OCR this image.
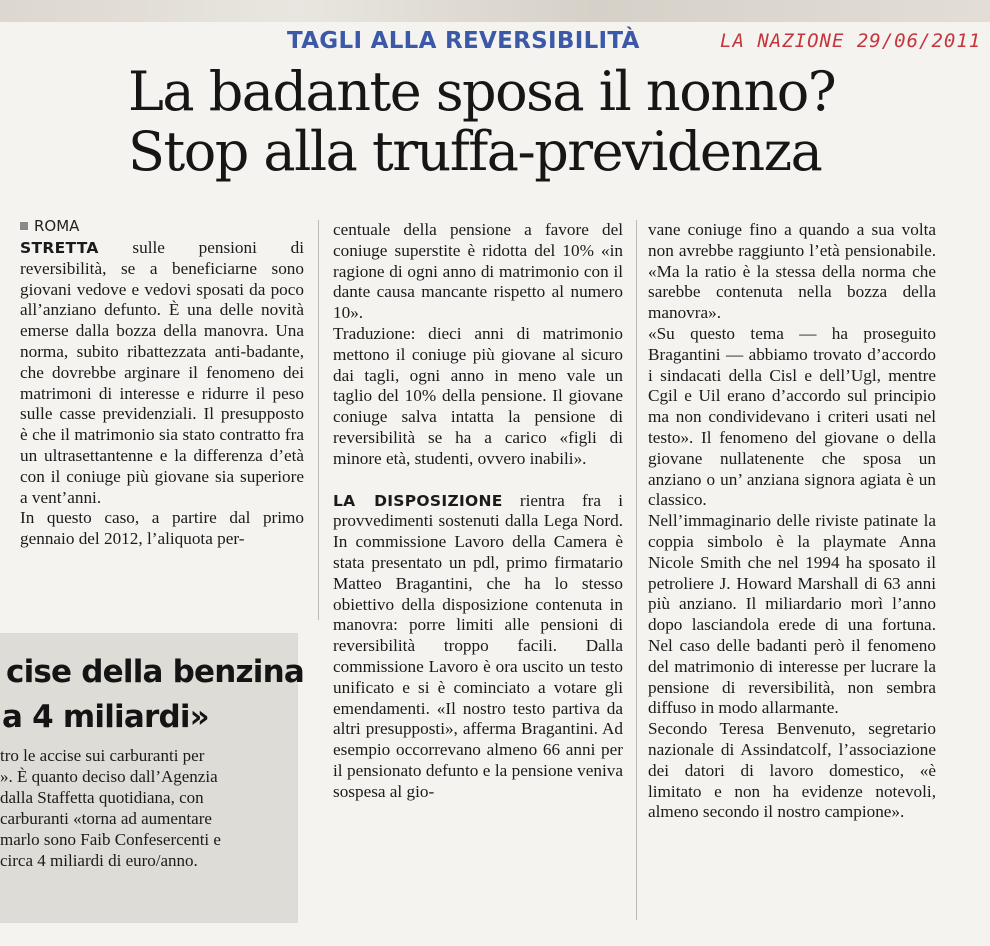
TAGLI ALLA REVERSIBILITÀ	LA NAZIONE 29/06/2011
La badante sposa il nonno?
Stop alla truffa-previdenza
ROMA

STRETTA sulle pensioni di reversibilità, se a beneficiarne sono giovani vedove e vedovi sposati da poco all’anziano defunto. È una delle novità emerse dalla bozza della manovra. Una norma, subito ribattezzata anti-badante, che dovrebbe arginare il fenomeno dei matrimoni di interesse e ridurre il peso sulle casse previdenziali. Il presupposto è che il matrimonio sia stato contratto fra un ultrasettantenne e la differenza d’età con il coniuge più giovane sia superiore a vent’anni.

In questo caso, a partire dal primo gennaio del 2012, l’aliquota per-

centuale della pensione a favore del coniuge superstite è ridotta del 10% «in ragione di ogni anno di matrimonio con il dante causa mancante rispetto al numero 10».

Traduzione: dieci anni di matrimonio mettono il coniuge più giovane al sicuro dai tagli, ogni anno in meno vale un taglio del 10% della pensione. Il giovane coniuge salva intatta la pensione di reversibilità se ha a carico «figli di minore età, studenti, ovvero inabili».

LA DISPOSIZIONE rientra fra i provvedimenti sostenuti dalla Lega Nord. In commissione Lavoro della Camera è stata presentato un pdl, primo firmatario Matteo Bragantini, che ha lo stesso obiettivo della disposizione contenuta in manovra: porre limiti alle pensioni di reversibilità troppo facili. Dalla commissione Lavoro è ora uscito un testo unificato e si è cominciato a votare gli emendamenti. «Il nostro testo partiva da altri presupposti», afferma Bragantini. Ad esempio occorrevano almeno 66 anni per il pensionato defunto e la pensione veniva sospesa al gio-

vane coniuge fino a quando a sua volta non avrebbe raggiunto l’età pensionabile. «Ma la ratio è la stessa della norma che sarebbe contenuta nella bozza della manovra».

«Su questo tema — ha proseguito Bragantini — abbiamo trovato d’accordo i sindacati della Cisl e dell’Ugl, mentre Cgil e Uil erano d’accordo sul principio ma non condividevano i criteri usati nel testo». Il fenomeno del giovane o della giovane nullatenente che sposa un anziano o un’ anziana signora agiata è un classico.

Nell’immaginario delle riviste patinate la coppia simbolo è la playmate Anna Nicole Smith che nel 1994 ha sposato il petroliere J. Howard Marshall di 63 anni più anziano. Il miliardario morì l’anno dopo lasciandola erede di una fortuna. Nel caso delle badanti però il fenomeno del matrimonio di interesse per lucrare la pensione di reversibilità, non sembra diffuso in modo allarmante.

Secondo Teresa Benvenuto, segretario nazionale di Assindatcolf, l’associazione dei datori di lavoro domestico, «è limitato e non ha evidenze notevoli, almeno secondo il nostro campione».

cise della benzina
a 4 miliardi»
tro le accise sui carburanti per
». È quanto deciso dall’Agenzia
dalla Staffetta quotidiana, con
carburanti «torna ad aumentare
marlo sono Faib Confesercenti e
circa 4 miliardi di euro/anno.
